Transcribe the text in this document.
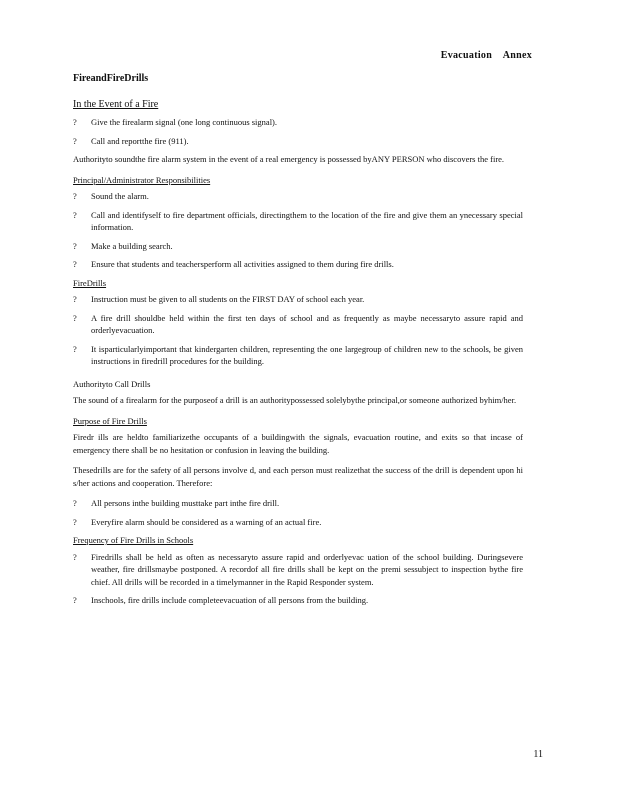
Evacuation    Annex
FireandFireDrills
In the Event of a Fire
?	Give the firealarm signal (one long continuous signal).
?	Call and reportthe fire (911).

Authorityto soundthe fire alarm system in the event of a real emergency is possessed byANY PERSON who discovers the fire.

Principal/Administrator Responsibilities
?	Sound the alarm.
?	Call and identifyself to fire department officials, directingthem to the location of the fire and give them an ynecessary special information.
?	Make a building search.
?	Ensure that students and teachersperform all activities assigned to them during fire drills.
FireDrills
?	Instruction must be given to all students on the FIRST DAY of school each year.
?	A fire drill shouldbe held within the first ten days of school and as frequently as maybe necessaryto assure rapid and orderlyevacuation.
?	It isparticularlyimportant that kindergarten children, representing the one largegroup of children new to the schools, be given instructions in firedrill procedures for the building.
Authorityto Call Drills

The sound of a firealarm for the purposeof a drill is an authoritypossessed solelybythe principal,or someone authorized byhim/her.

Purpose of Fire Drills

Firedr ills are heldto familiarizethe occupants of a buildingwith the signals, evacuation routine, and exits so that incase of emergency there shall be no hesitation or confusion in leaving the building.

Thesedrills are for the safety of all persons involve d, and each person must realizethat the success of the drill is dependent upon hi s/her actions and cooperation. Therefore:

?	All persons inthe building musttake part inthe fire drill.
?	Everyfire alarm should be considered as a warning of an actual fire.
Frequency of Fire Drills in Schools
?	Firedrills shall be held as often as necessaryto assure rapid and orderlyevac uation of the school building. Duringsevere weather, fire drillsmaybe postponed. A recordof all fire drills shall be kept on the premi sessubject to inspection bythe fire chief. All drills will be recorded in a timelymanner in the Rapid Responder system.
?	Inschools, fire drills include completeevacuation of all persons from the building.
11
